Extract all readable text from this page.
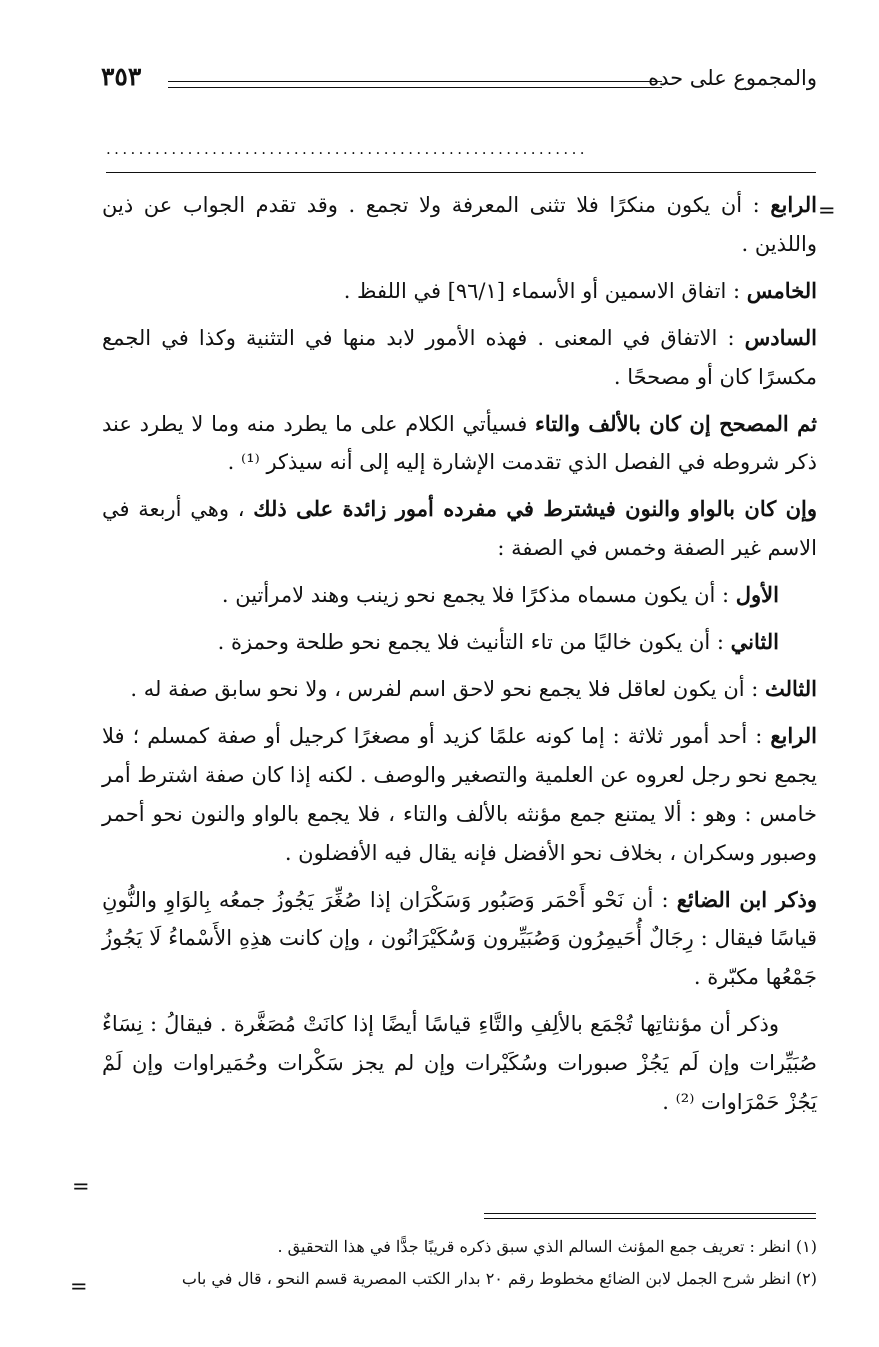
والمجموع على حده
٣٥٣
...........................................................
=
=
=

الرابع : أن يكون منكرًا فلا تثنى المعرفة ولا تجمع . وقد تقدم الجواب عن ذين واللذين .

الخامس : اتفاق الاسمين أو الأسماء [٩٦/١] في اللفظ .

السادس : الاتفاق في المعنى . فهذه الأمور لابد منها في التثنية وكذا في الجمع مكسرًا كان أو مصححًا .

ثم المصحح إن كان بالألف والتاء فسيأتي الكلام على ما يطرد منه وما لا يطرد عند ذكر شروطه في الفصل الذي تقدمت الإشارة إليه إلى أنه سيذكر ⁽¹⁾ .

وإن كان بالواو والنون فيشترط في مفرده أمور زائدة على ذلك ، وهي أربعة في الاسم غير الصفة وخمس في الصفة :

الأول : أن يكون مسماه مذكرًا فلا يجمع نحو زينب وهند لامرأتين .

الثاني : أن يكون خاليًا من تاء التأنيث فلا يجمع نحو طلحة وحمزة .

الثالث : أن يكون لعاقل فلا يجمع نحو لاحق اسم لفرس ، ولا نحو سابق صفة له .

الرابع : أحد أمور ثلاثة : إما كونه علمًا كزيد أو مصغرًا كرجيل أو صفة كمسلم ؛ فلا يجمع نحو رجل لعروه عن العلمية والتصغير والوصف . لكنه إذا كان صفة اشترط أمر خامس : وهو : ألا يمتنع جمع مؤنثه بالألف والتاء ، فلا يجمع بالواو والنون نحو أحمر وصبور وسكران ، بخلاف نحو الأفضل فإنه يقال فيه الأفضلون .

وذكر ابن الضائع : أن نَحْو أَحْمَر وَصَبُور وَسَكْرَان إذا صُغِّرَ يَجُوزُ جمعُه بِالوَاوِ والنُّونِ قياسًا فيقال : رِجَالٌ أُحَيمِرُون وَصُبَيِّرون وَسُكَيْرَانُون ، وإن كانت هذِهِ الأَسْماءُ لَا يَجُوزُ جَمْعُها مكبّرة .

وذكر أن مؤنثاتِها تُجْمَع بالألِفِ والتَّاءِ قياسًا أيضًا إذا كانَتْ مُصَغَّرة . فيقالُ : نِسَاءٌ صُبَيِّرات وإن لَم يَجُزْ صبورات وسُكَيْرات وإن لم يجز سَكْرات وحُمَيراوات وإن لَمْ يَجُزْ حَمْرَاوات ⁽²⁾ .

(١) انظر : تعريف جمع المؤنث السالم الذي سبق ذكره قريبًا جدًّا في هذا التحقيق .
(٢) انظر شرح الجمل لابن الضائع مخطوط رقم ٢٠ بدار الكتب المصرية قسم النحو ، قال في باب
